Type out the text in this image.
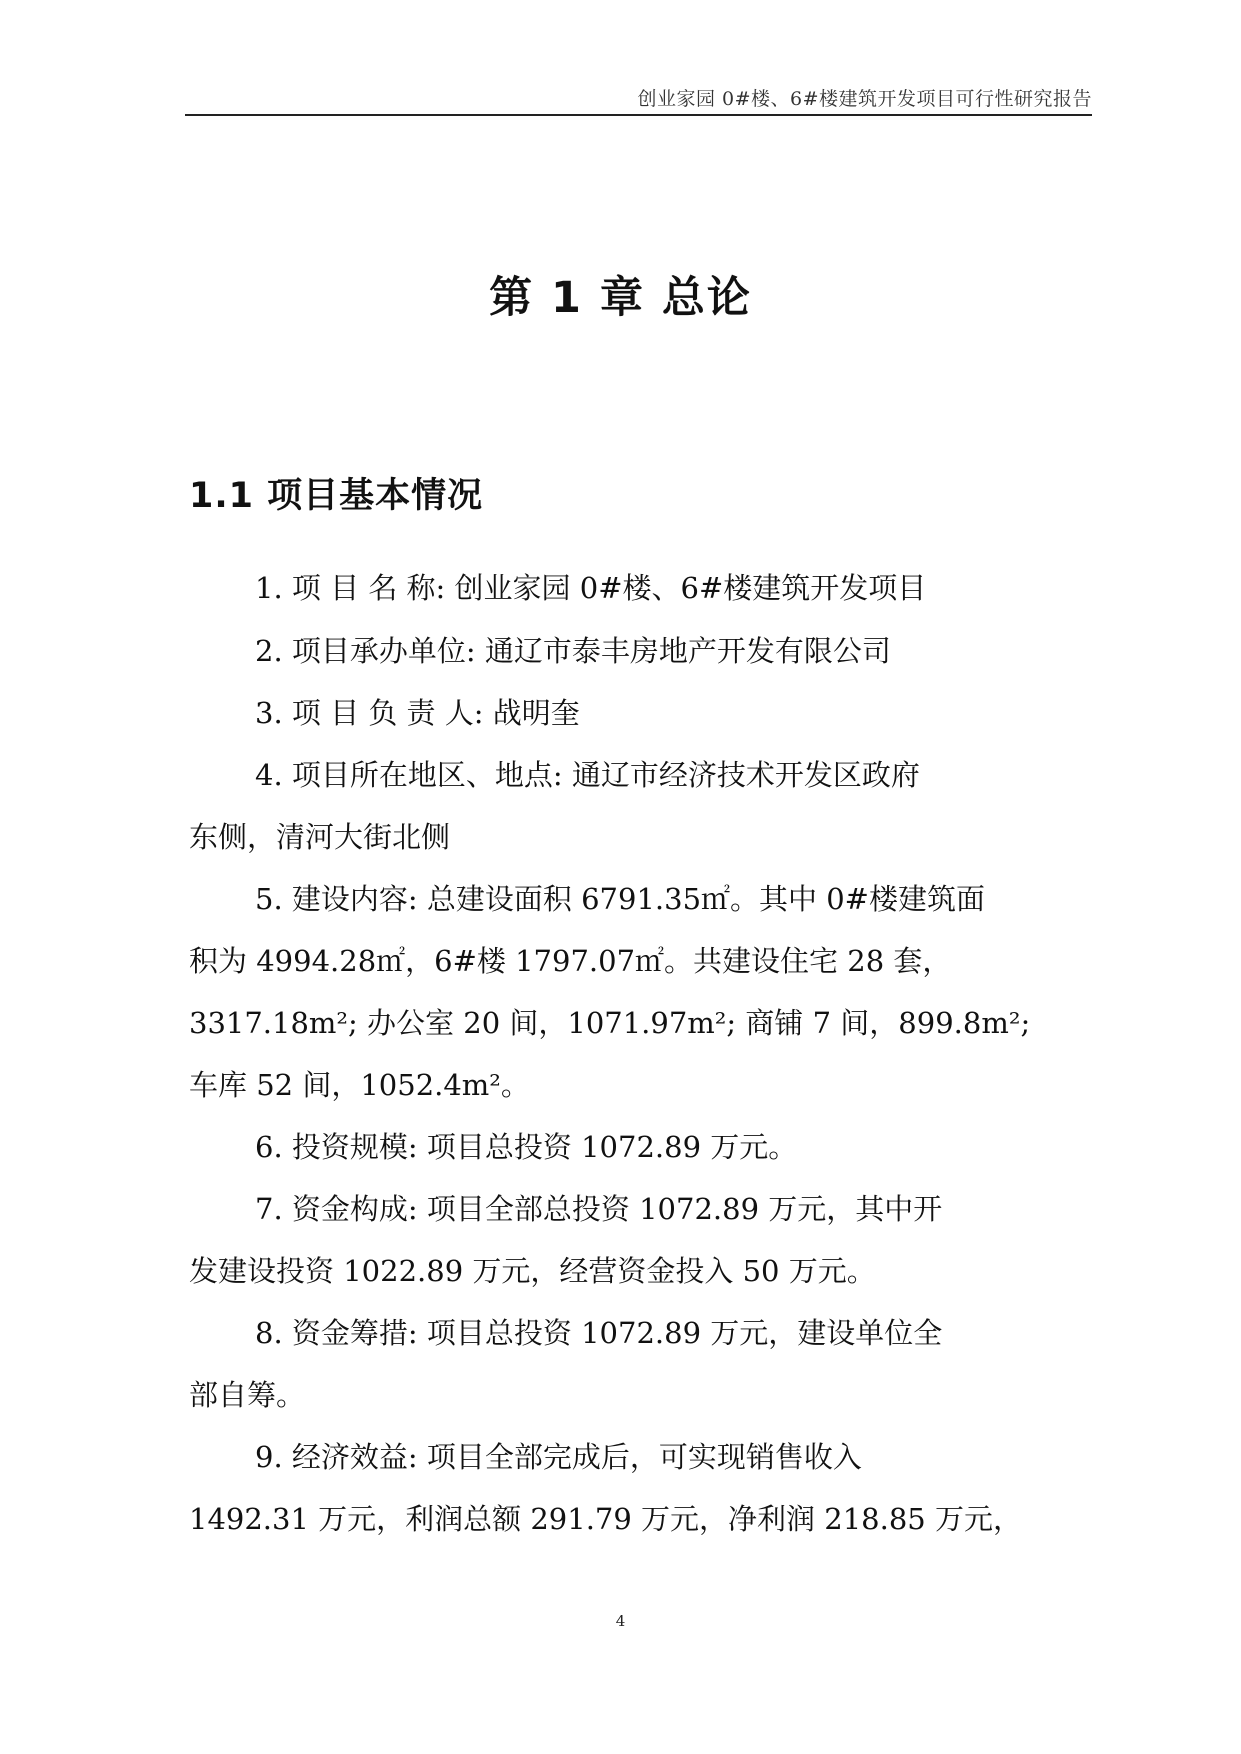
创业家园 0#楼、6#楼建筑开发项目可行性研究报告
第 1 章 总论
1.1 项目基本情况
1. 项 目 名 称: 创业家园 0#楼、6#楼建筑开发项目
2. 项目承办单位: 通辽市泰丰房地产开发有限公司
3. 项 目 负 责 人: 战明奎
4. 项目所在地区、地点: 通辽市经济技术开发区政府
东侧，清河大街北侧
5. 建设内容: 总建设面积 6791.35㎡。其中 0#楼建筑面
积为 4994.28㎡，6#楼 1797.07㎡。共建设住宅 28 套，
3317.18m²; 办公室 20 间，1071.97m²; 商铺 7 间，899.8m²;
车库 52 间，1052.4m²。
6. 投资规模: 项目总投资 1072.89 万元。
7. 资金构成: 项目全部总投资 1072.89 万元，其中开
发建设投资 1022.89 万元，经营资金投入 50 万元。
8. 资金筹措: 项目总投资 1072.89 万元，建设单位全
部自筹。
9. 经济效益: 项目全部完成后，可实现销售收入
1492.31 万元，利润总额 291.79 万元，净利润 218.85 万元，
4
